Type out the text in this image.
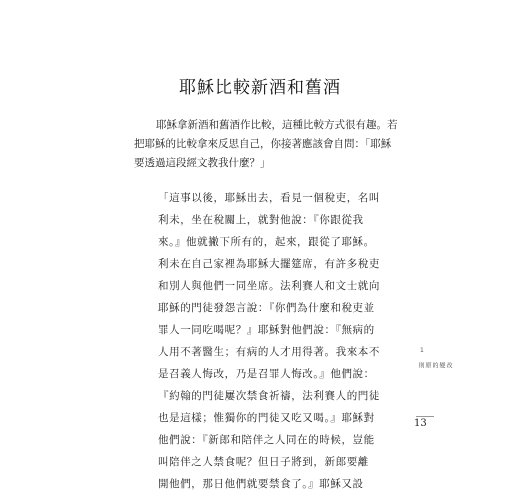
耶穌比較新酒和舊酒
耶穌拿新酒和舊酒作比較，這種比較方式很有趣。若
把耶穌的比較拿來反思自己，你接著應該會自問：「耶穌
要透過這段經文教我什麼？」
「這事以後，耶穌出去，看見一個稅吏，名叫
利未，坐在稅關上，就對他說：『你跟從我
來。』他就撇下所有的，起來，跟從了耶穌。
利未在自己家裡為耶穌大擺筵席，有許多稅吏
和別人與他們一同坐席。法利賽人和文士就向
耶穌的門徒發怨言說：『你們為什麼和稅吏並
罪人一同吃喝呢？』耶穌對他們說：『無病的
人用不著醫生；有病的人才用得著。我來本不
是召義人悔改，乃是召罪人悔改。』他們說：
『約翰的門徒屢次禁食祈禱，法利賽人的門徒
也是這樣；惟獨你的門徒又吃又喝。』耶穌對
他們說：『新郎和陪伴之人同在的時候，豈能
叫陪伴之人禁食呢？但日子將到，新郎要離
開他們，那日他們就要禁食了。』耶穌又設
1
改變的原則
13
